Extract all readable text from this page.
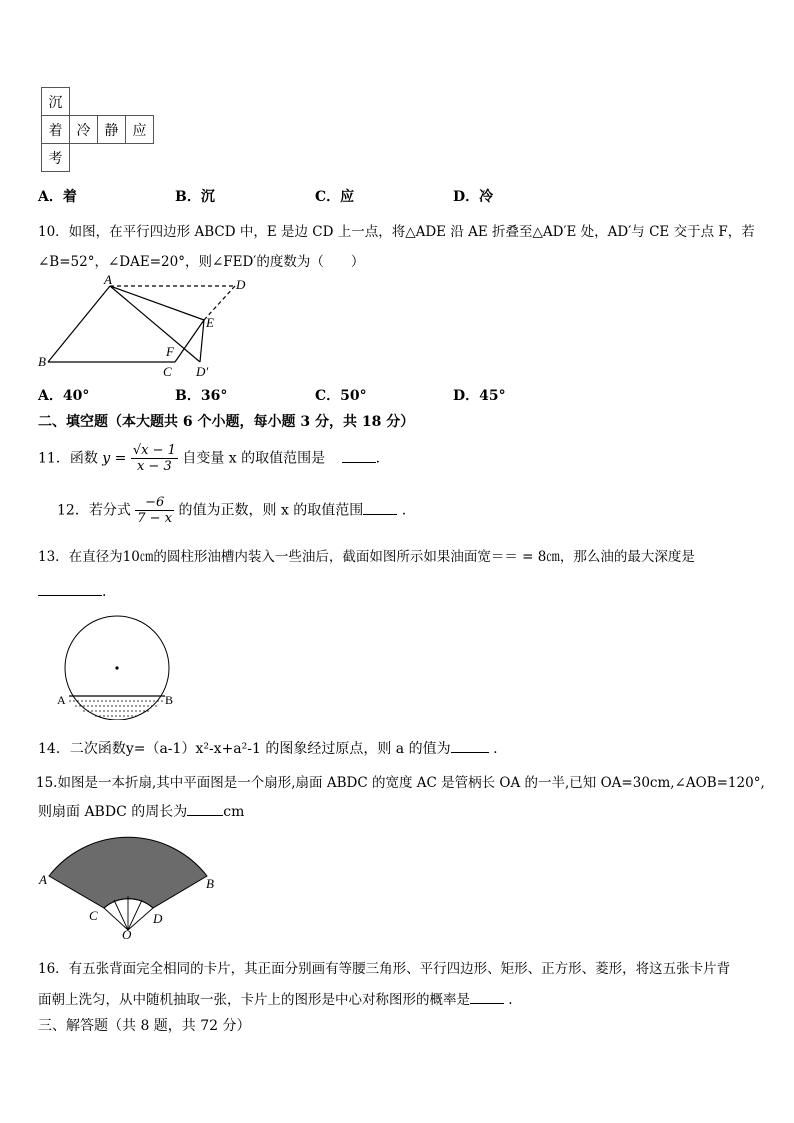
沉			
着	冷	静	应
考			
A．着	B．沉	C．应	D．冷
10．如图，在平行四边形 ABCD 中，E 是边 CD 上一点，将△ADE 沿 AE 折叠至△AD′E 处，AD′与 CE 交于点 F，若
∠B=52°，∠DAE=20°，则∠FED′的度数为（　　）
A
B
C
D
E
F
D′
A．40°	B．36°	C．50°	D．45°
二、填空题（本大题共 6 个小题，每小题 3 分，共 18 分）
11．函数 $y = \frac{√x - 1}{x - 3}$ 自变量 x 的取值范围是	.
12．若分式 $\frac{-6}{7 - x}$ 的值为正数，则 x 的取值范围	.
13．在直径为10㎝的圆柱形油槽内装入一些油后，截面如图所示如果油面宽＝＝ = 8㎝，那么油的最大深度是
.
A	B
14．二次函数y=（a-1）x²-x+a²-1 的图象经过原点，则 a 的值为	.
15.如图是一本折扇,其中平面图是一个扇形,扇面 ABDC 的宽度 AC 是管柄长 OA 的一半,已知 OA=30cm,∠AOB=120°,
则扇面 ABDC 的周长为	cm
A	B
C	D
O
16．有五张背面完全相同的卡片，其正面分别画有等腰三角形、平行四边形、矩形、正方形、菱形，将这五张卡片背
面朝上洗匀，从中随机抽取一张，卡片上的图形是中心对称图形的概率是	.
三、解答题（共 8 题，共 72 分）
